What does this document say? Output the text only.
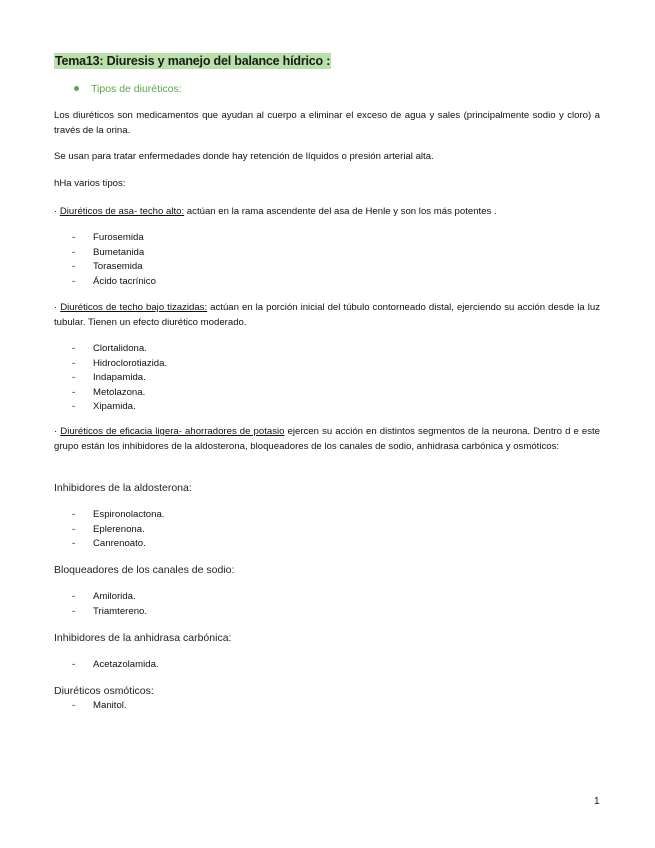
Tema13: Diuresis y manejo del balance hídrico :
Tipos de diuréticos:
Los diuréticos son medicamentos que ayudan al cuerpo a eliminar el exceso de agua y sales (principalmente sodio y cloro) a través de la orina.
Se usan para tratar enfermedades donde hay retención de líquidos o presión arterial alta.
hHa varios tipos:
· Diuréticos de asa- techo alto: actúan en la rama ascendente del asa de Henle y son los más potentes .
- Furosemida
- Bumetanida
- Torasemida
- Ácido tacrínico
· Diuréticos de techo bajo tizazidas: actúan en la porción inicial del túbulo contorneado distal, ejerciendo su acción desde la luz tubular. Tienen un efecto diurético moderado.
- Clortalidona.
- Hidroclorotiazida.
- Indapamida.
- Metolazona.
- Xipamida.
· Diuréticos de eficacia ligera- ahorradores de potasio ejercen su acción en distintos segmentos de la neurona. Dentro d e este grupo están los inhibidores de la aldosterona, bloqueadores de los canales de sodio, anhidrasa carbónica y osmóticos:
Inhibidores de la aldosterona:
- Espironolactona.
- Eplerenona.
- Canrenoato.
Bloqueadores de los canales de sodio:
- Amilorida.
- Triamtereno.
Inhibidores de la anhidrasa carbónica:
- Acetazolamida.
Diuréticos osmóticos:
- Manitol.
1
